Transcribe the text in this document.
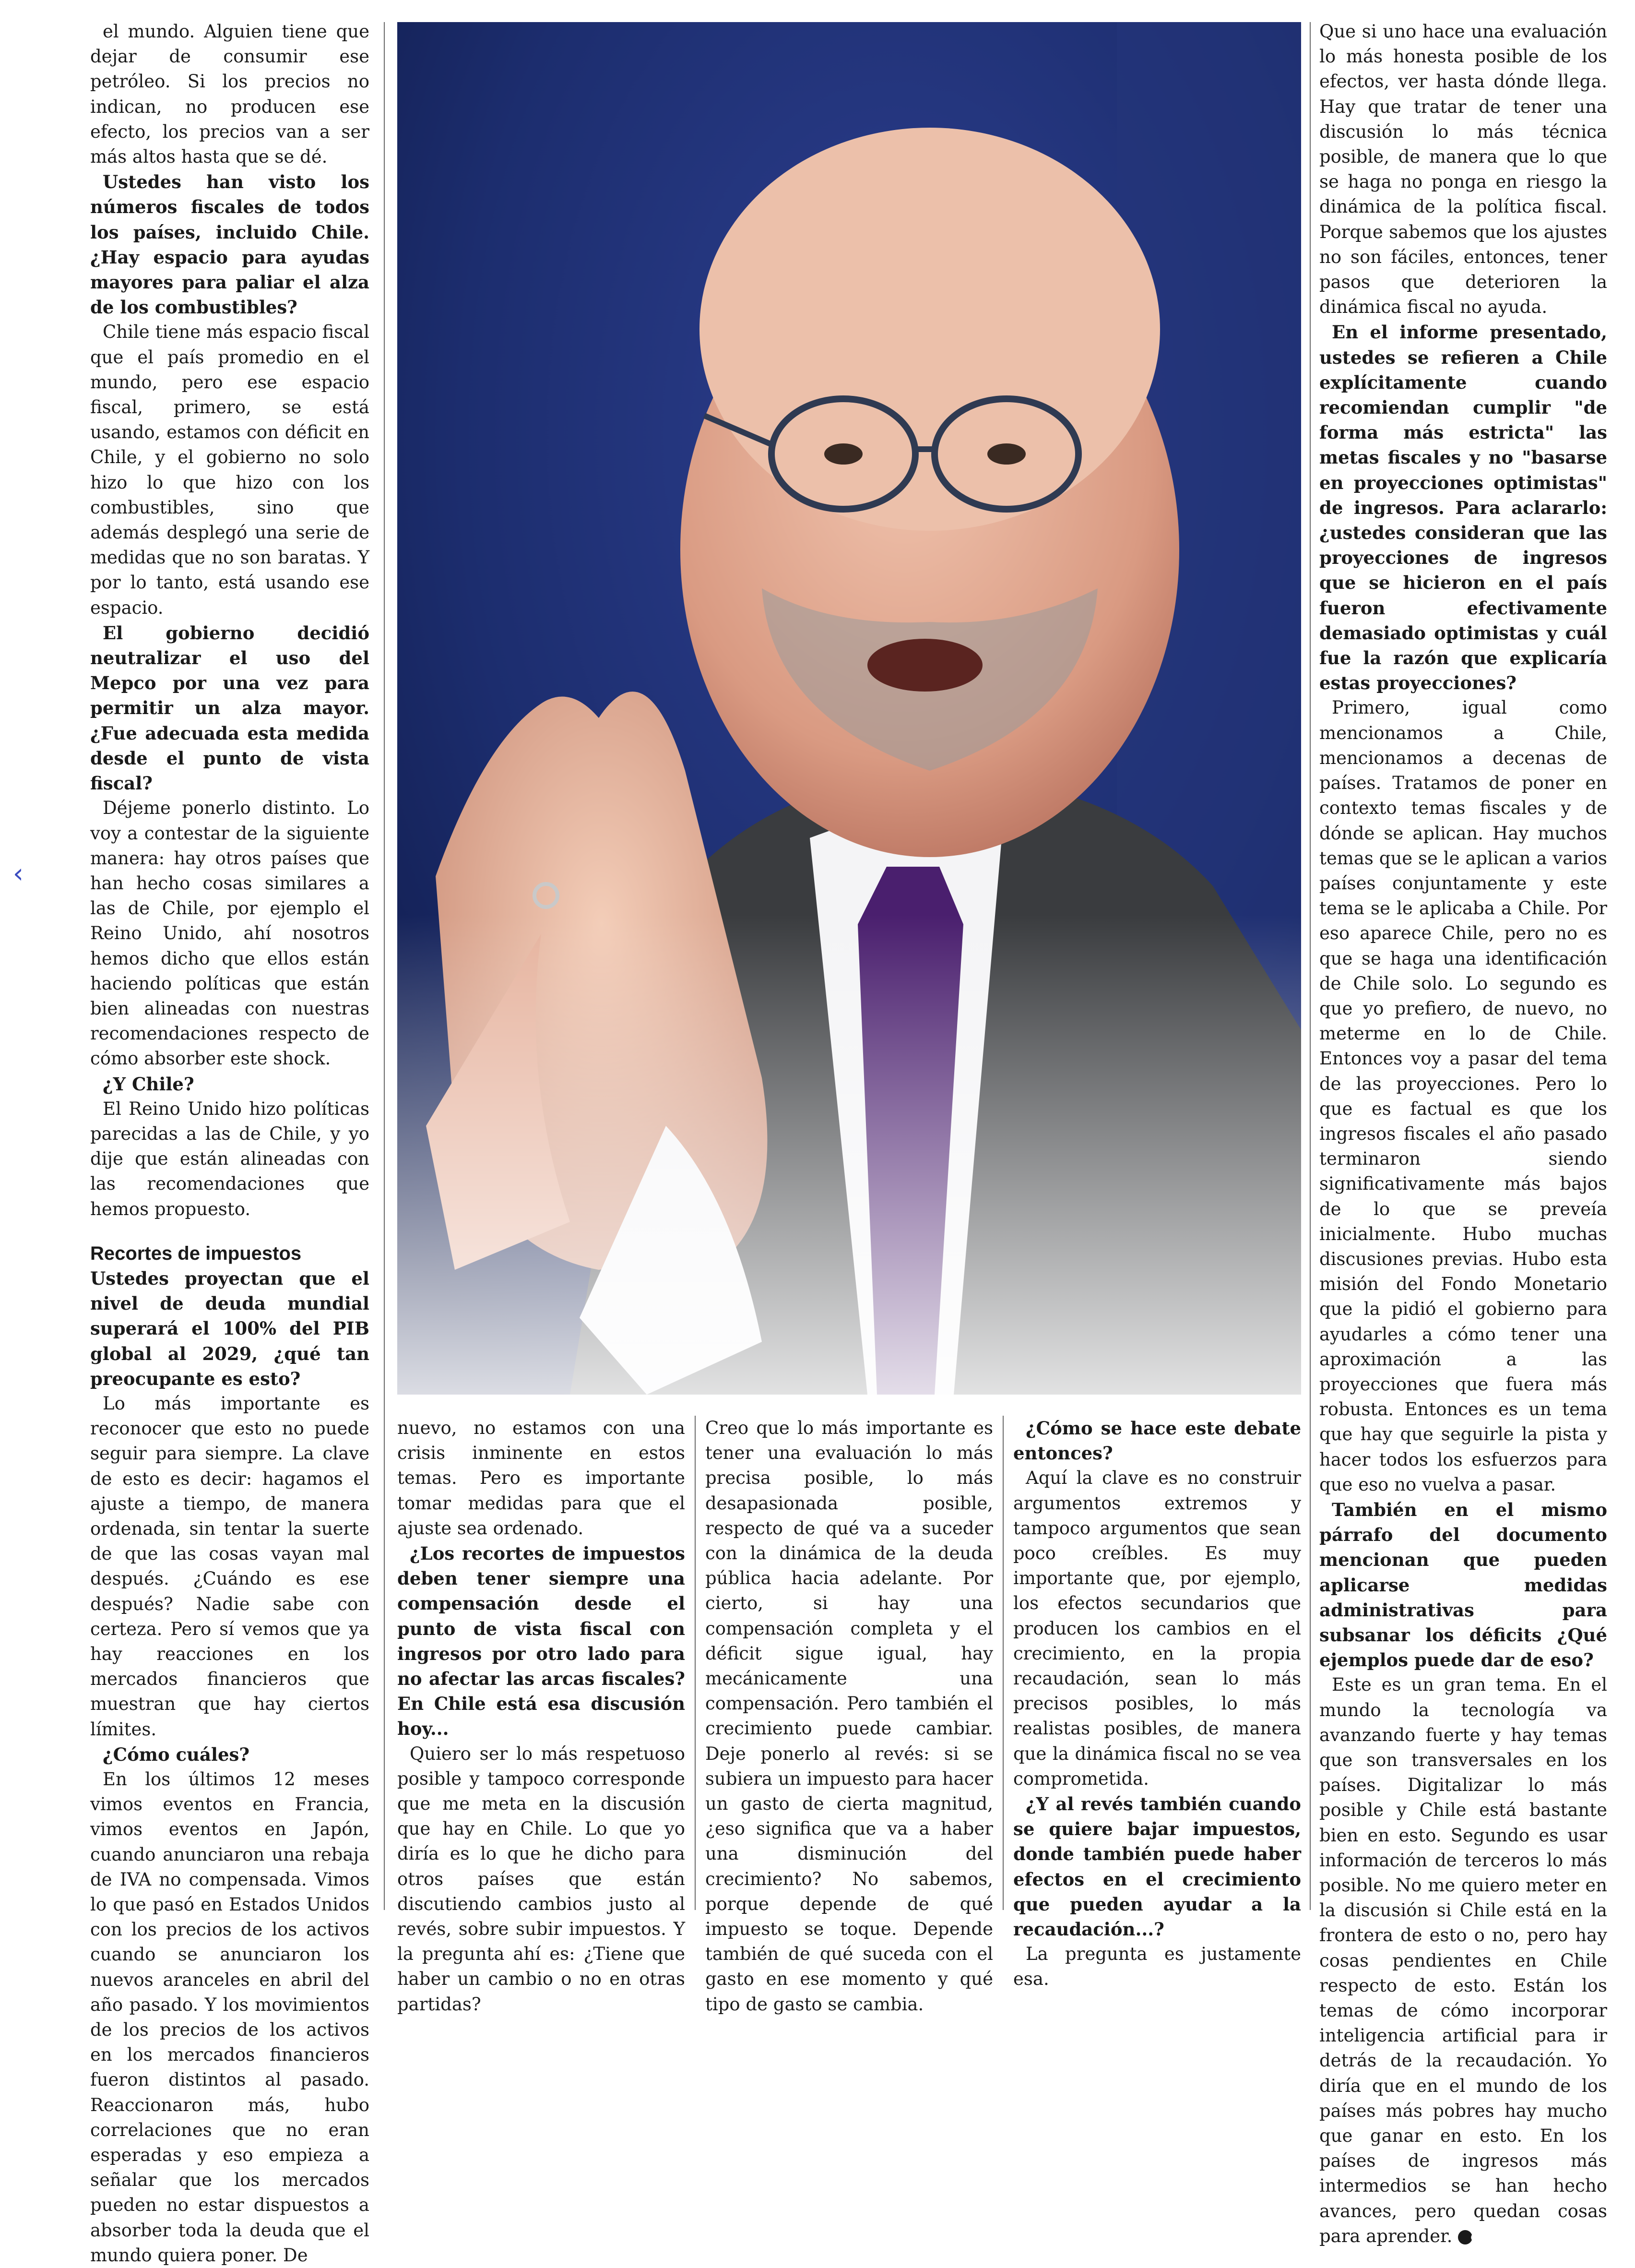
‹

el mundo. Alguien tiene que dejar de consumir ese petróleo. Si los precios no indican, no producen ese efecto, los precios van a ser más altos hasta que se dé.

Ustedes han visto los números fiscales de todos los países, incluido Chile. ¿Hay espacio para ayudas mayores para paliar el alza de los combustibles?

Chile tiene más espacio fiscal que el país promedio en el mundo, pero ese espacio fiscal, primero, se está usando, estamos con déficit en Chile, y el gobierno no solo hizo lo que hizo con los combustibles, sino que además desplegó una serie de medidas que no son baratas. Y por lo tanto, está usando ese espacio.

El gobierno decidió neutralizar el uso del Mepco por una vez para permitir un alza mayor. ¿Fue adecuada esta medida desde el punto de vista fiscal?

Déjeme ponerlo distinto. Lo voy a contestar de la siguiente manera: hay otros países que han hecho cosas similares a las de Chile, por ejemplo el Reino Unido, ahí nosotros hemos dicho que ellos están haciendo políticas que están bien alineadas con nuestras recomendaciones respecto de cómo absorber este shock.

¿Y Chile?

El Reino Unido hizo políticas parecidas a las de Chile, y yo dije que están alineadas con las recomendaciones que hemos propuesto.

Recortes de impuestos

Ustedes proyectan que el nivel de deuda mundial superará el 100% del PIB global al 2029, ¿qué tan preocupante es esto?

Lo más importante es reconocer que esto no puede seguir para siempre. La clave de esto es decir: hagamos el ajuste a tiempo, de manera ordenada, sin tentar la suerte de que las cosas vayan mal después. ¿Cuándo es ese después? Nadie sabe con certeza. Pero sí vemos que ya hay reacciones en los mercados financieros que muestran que hay ciertos límites.

¿Cómo cuáles?

En los últimos 12 meses vimos eventos en Francia, vimos eventos en Japón, cuando anunciaron una rebaja de IVA no compensada. Vimos lo que pasó en Estados Unidos con los precios de los activos cuando se anunciaron los nuevos aranceles en abril del año pasado. Y los movimientos de los precios de los activos en los mercados financieros fueron distintos al pasado. Reaccionaron más, hubo correlaciones que no eran esperadas y eso empieza a señalar que los mercados pueden no estar dispuestos a absorber toda la deuda que el mundo quiera poner. De

nuevo, no estamos con una crisis inminente en estos temas. Pero es importante tomar medidas para que el ajuste sea ordenado.

¿Los recortes de impuestos deben tener siempre una compensación desde el punto de vista fiscal con ingresos por otro lado para no afectar las arcas fiscales? En Chile está esa discusión hoy...

Quiero ser lo más respetuoso posible y tampoco corresponde que me meta en la discusión que hay en Chile. Lo que yo diría es lo que he dicho para otros países que están discutiendo cambios justo al revés, sobre subir impuestos. Y la pregunta ahí es: ¿Tiene que haber un cambio o no en otras partidas?

Creo que lo más importante es tener una evaluación lo más precisa posible, lo más desapasionada posible, respecto de qué va a suceder con la dinámica de la deuda pública hacia adelante. Por cierto, si hay una compensación completa y el déficit sigue igual, hay mecánicamente una compensación. Pero también el crecimiento puede cambiar. Deje ponerlo al revés: si se subiera un impuesto para hacer un gasto de cierta magnitud, ¿eso significa que va a haber una disminución del crecimiento? No sabemos, porque depende de qué impuesto se toque. Depende también de qué suceda con el gasto en ese momento y qué tipo de gasto se cambia.

¿Cómo se hace este debate entonces?

Aquí la clave es no construir argumentos extremos y tampoco argumentos que sean poco creíbles. Es muy importante que, por ejemplo, los efectos secundarios que producen los cambios en el crecimiento, en la propia recaudación, sean lo más precisos posibles, lo más realistas posibles, de manera que la dinámica fiscal no se vea comprometida.

¿Y al revés también cuando se quiere bajar impuestos, donde también puede haber efectos en el crecimiento que pueden ayudar a la recaudación...?

La pregunta es justamente esa.

Que si uno hace una evaluación lo más honesta posible de los efectos, ver hasta dónde llega. Hay que tratar de tener una discusión lo más técnica posible, de manera que lo que se haga no ponga en riesgo la dinámica de la política fiscal. Porque sabemos que los ajustes no son fáciles, entonces, tener pasos que deterioren la dinámica fiscal no ayuda.

En el informe presentado, ustedes se refieren a Chile explícitamente cuando recomiendan cumplir "de forma más estricta" las metas fiscales y no "basarse en proyecciones optimistas" de ingresos. Para aclararlo: ¿ustedes consideran que las proyecciones de ingresos que se hicieron en el país fueron efectivamente demasiado optimistas y cuál fue la razón que explicaría estas proyecciones?

Primero, igual como mencionamos a Chile, mencionamos a decenas de países. Tratamos de poner en contexto temas fiscales y de dónde se aplican. Hay muchos temas que se le aplican a varios países conjuntamente y este tema se le aplicaba a Chile. Por eso aparece Chile, pero no es que se haga una identificación de Chile solo. Lo segundo es que yo prefiero, de nuevo, no meterme en lo de Chile. Entonces voy a pasar del tema de las proyecciones. Pero lo que es factual es que los ingresos fiscales el año pasado terminaron siendo significativamente más bajos de lo que se preveía inicialmente. Hubo muchas discusiones previas. Hubo esta misión del Fondo Monetario que la pidió el gobierno para ayudarles a cómo tener una aproximación a las proyecciones que fuera más robusta. Entonces es un tema que hay que seguirle la pista y hacer todos los esfuerzos para que eso no vuelva a pasar.

También en el mismo párrafo del documento mencionan que pueden aplicarse medidas administrativas para subsanar los déficits ¿Qué ejemplos puede dar de eso?

Este es un gran tema. En el mundo la tecnología va avanzando fuerte y hay temas que son transversales en los países. Digitalizar lo más posible y Chile está bastante bien en esto. Segundo es usar información de terceros lo más posible. No me quiero meter en la discusión si Chile está en la frontera de esto o no, pero hay cosas pendientes en Chile respecto de esto. Están los temas de cómo incorporar inteligencia artificial para ir detrás de la recaudación. Yo diría que en el mundo de los países más pobres hay mucho que ganar en esto. En los países de ingresos más intermedios se han hecho avances, pero quedan cosas para aprender. ◐
